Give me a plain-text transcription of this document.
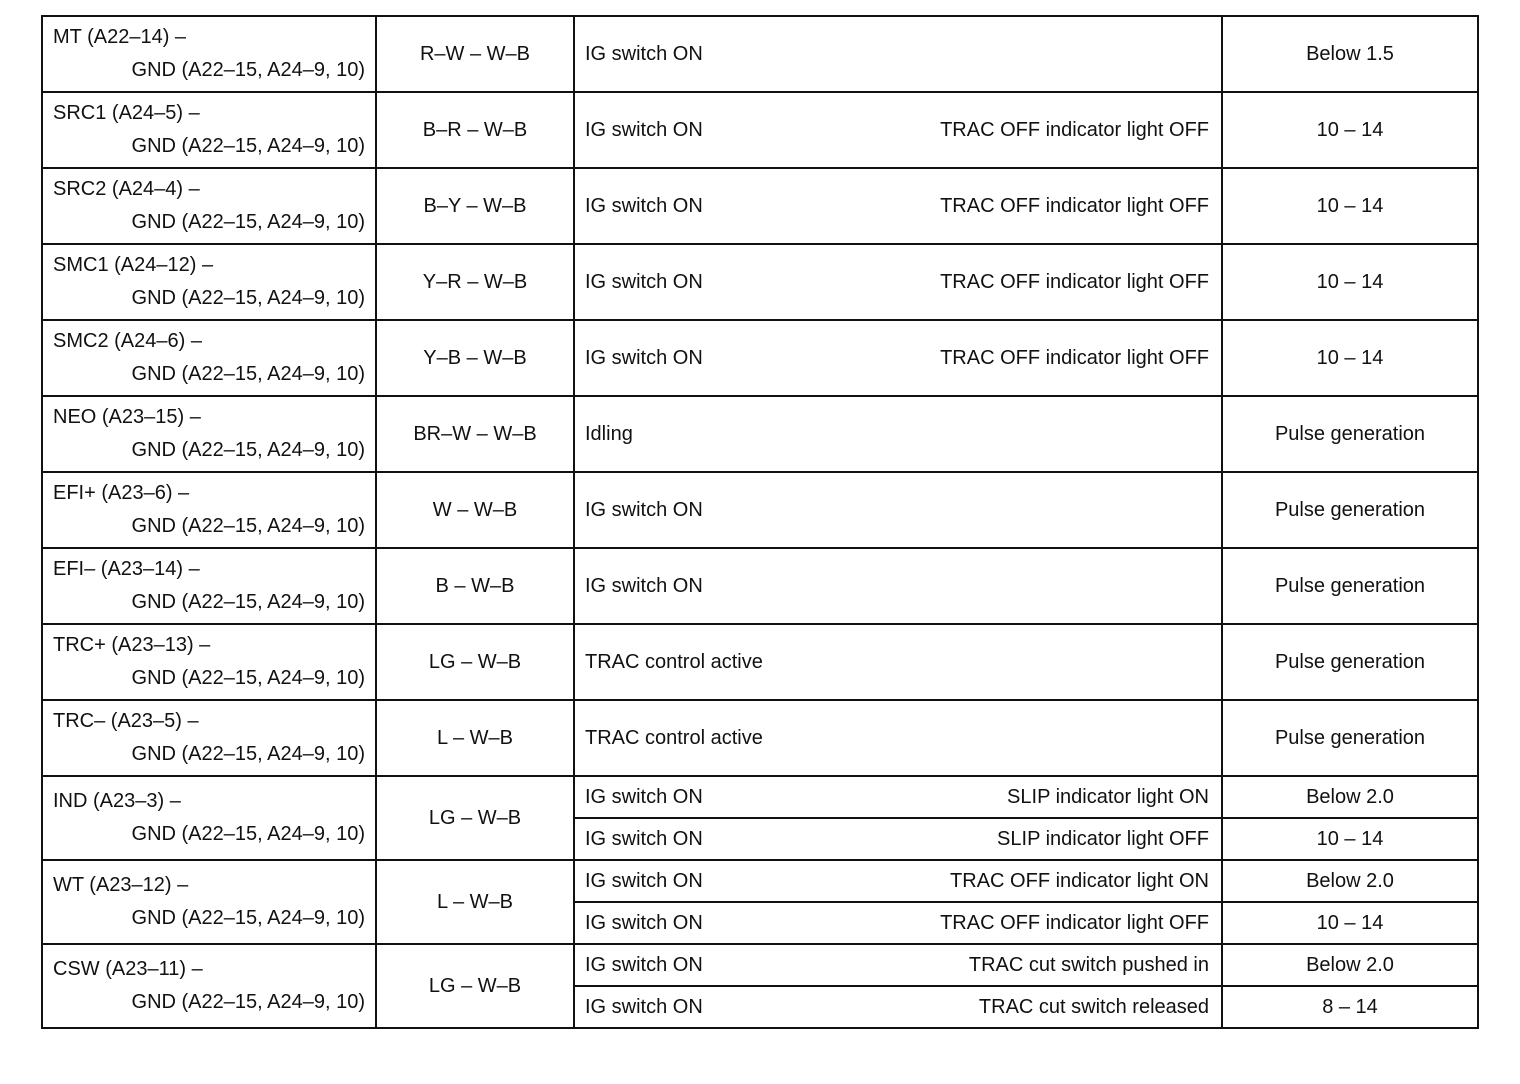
MT (A22–14) –
GND (A22–15, A24–9, 10)	R–W – W–B	IG switch ON	Below 1.5

SRC1 (A24–5) –
GND (A22–15, A24–9, 10)	B–R – W–B	IG switch ON TRAC OFF indicator light OFF	10 – 14

SRC2 (A24–4) –
GND (A22–15, A24–9, 10)	B–Y – W–B	IG switch ON TRAC OFF indicator light OFF	10 – 14

SMC1 (A24–12) –
GND (A22–15, A24–9, 10)	Y–R – W–B	IG switch ON TRAC OFF indicator light OFF	10 – 14

SMC2 (A24–6) –
GND (A22–15, A24–9, 10)	Y–B – W–B	IG switch ON TRAC OFF indicator light OFF	10 – 14

NEO (A23–15) –
GND (A22–15, A24–9, 10)	BR–W – W–B	Idling	Pulse generation

EFI+ (A23–6) –
GND (A22–15, A24–9, 10)	W – W–B	IG switch ON	Pulse generation

EFI– (A23–14) –
GND (A22–15, A24–9, 10)	B – W–B	IG switch ON	Pulse generation

TRC+ (A23–13) –
GND (A22–15, A24–9, 10)	LG – W–B	TRAC control active	Pulse generation

TRC– (A23–5) –
GND (A22–15, A24–9, 10)	L – W–B	TRAC control active	Pulse generation

IND (A23–3) –
GND (A22–15, A24–9, 10)	LG – W–B	IG switch ON SLIP indicator light ON	Below 2.0

		IG switch ON SLIP indicator light OFF	10 – 14

WT (A23–12) –
GND (A22–15, A24–9, 10)	L – W–B	IG switch ON TRAC OFF indicator light ON	Below 2.0

		IG switch ON TRAC OFF indicator light OFF	10 – 14

CSW (A23–11) –
GND (A22–15, A24–9, 10)	LG – W–B	IG switch ON TRAC cut switch pushed in	Below 2.0

		IG switch ON TRAC cut switch released	8 – 14
